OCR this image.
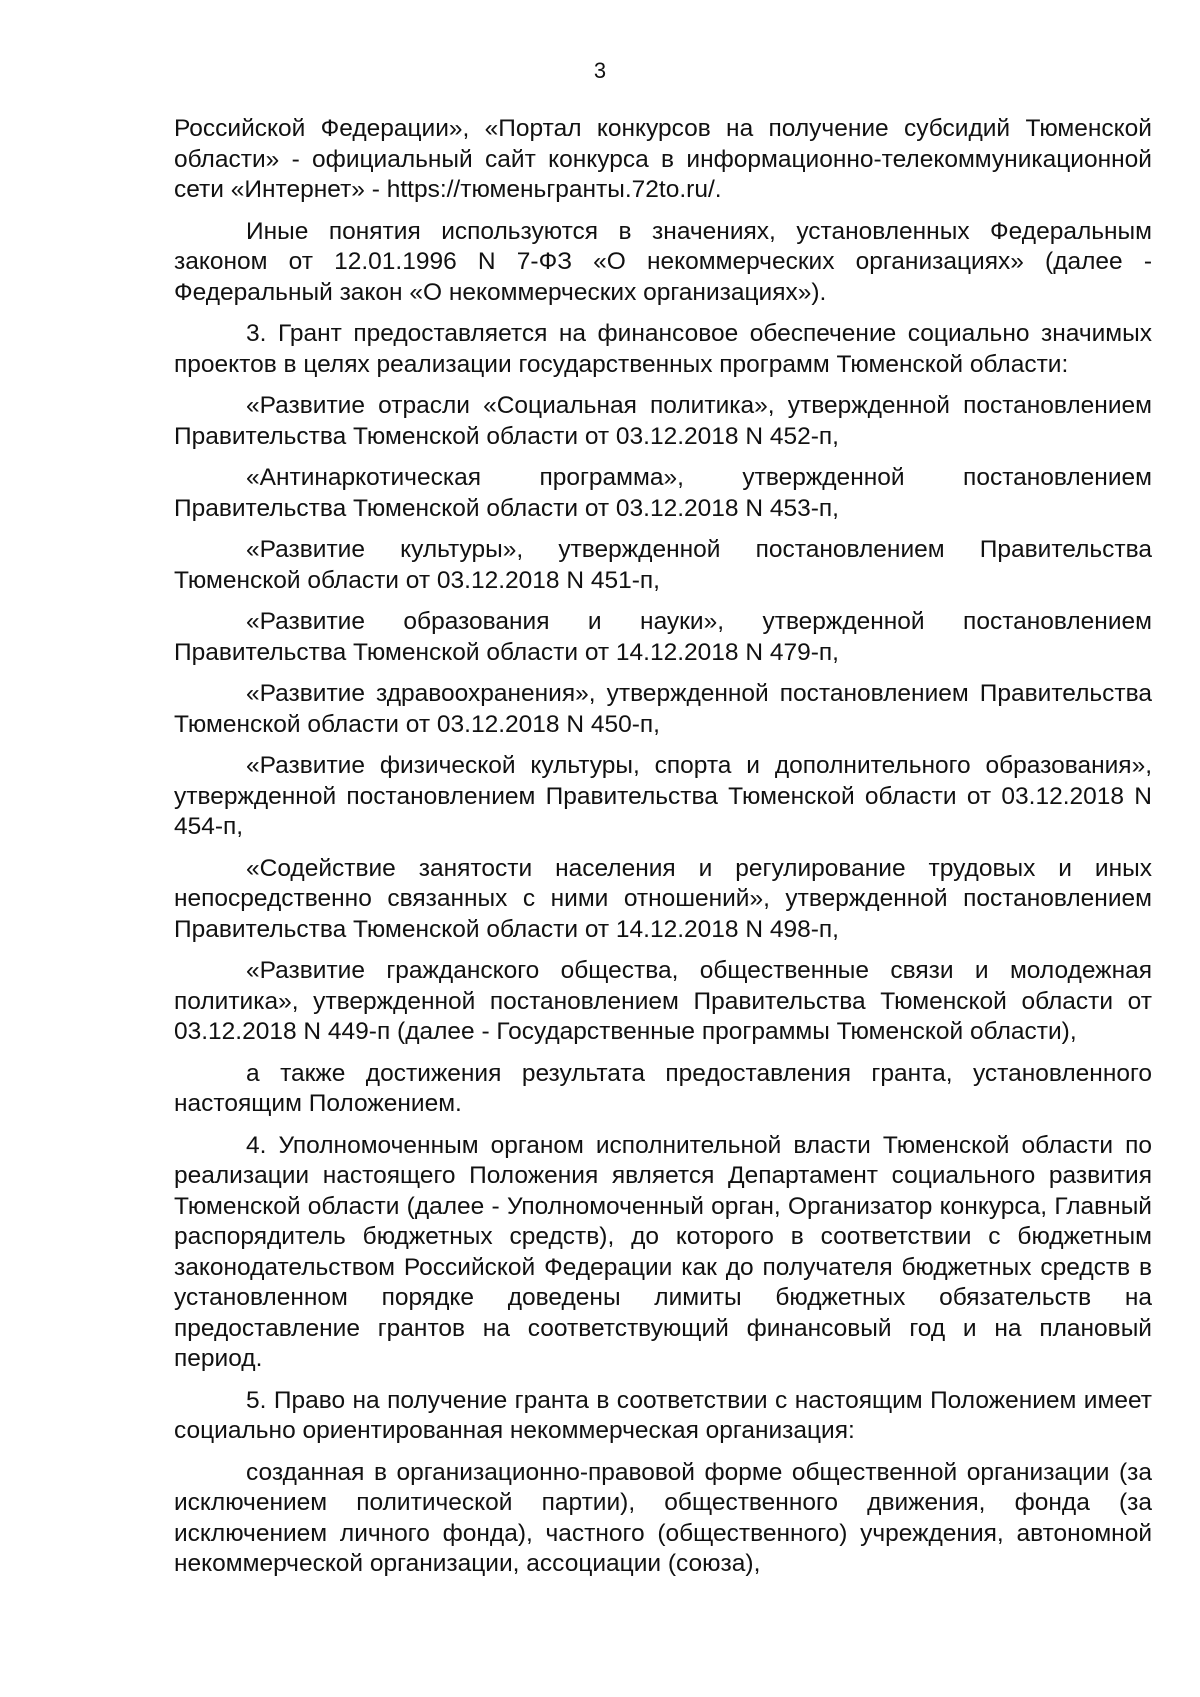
3

Российской Федерации», «Портал конкурсов на получение субсидий Тюменской области» - официальный сайт конкурса в информационно-телекоммуникационной сети «Интернет» - https://тюменьгранты.72to.ru/.

Иные понятия используются в значениях, установленных Федеральным законом от 12.01.1996 N 7-ФЗ «О некоммерческих организациях» (далее - Федеральный закон «О некоммерческих организациях»).

3. Грант предоставляется на финансовое обеспечение социально значимых проектов в целях реализации государственных программ Тюменской области:

«Развитие отрасли «Социальная политика», утвержденной постановлением Правительства Тюменской области от 03.12.2018 N 452-п,

«Антинаркотическая программа», утвержденной постановлением Правительства Тюменской области от 03.12.2018 N 453-п,

«Развитие культуры», утвержденной постановлением Правительства Тюменской области от 03.12.2018 N 451-п,

«Развитие образования и науки», утвержденной постановлением Правительства Тюменской области от 14.12.2018 N 479-п,

«Развитие здравоохранения», утвержденной постановлением Правительства Тюменской области от 03.12.2018 N 450-п,

«Развитие физической культуры, спорта и дополнительного образования», утвержденной постановлением Правительства Тюменской области от 03.12.2018 N 454-п,

«Содействие занятости населения и регулирование трудовых и иных непосредственно связанных с ними отношений», утвержденной постановлением Правительства Тюменской области от 14.12.2018 N 498-п,

«Развитие гражданского общества, общественные связи и молодежная политика», утвержденной постановлением Правительства Тюменской области от 03.12.2018 N 449-п (далее - Государственные программы Тюменской области),

а также достижения результата предоставления гранта, установленного настоящим Положением.

4. Уполномоченным органом исполнительной власти Тюменской области по реализации настоящего Положения является Департамент социального развития Тюменской области (далее - Уполномоченный орган, Организатор конкурса, Главный распорядитель бюджетных средств), до которого в соответствии с бюджетным законодательством Российской Федерации как до получателя бюджетных средств в установленном порядке доведены лимиты бюджетных обязательств на предоставление грантов на соответствующий финансовый год и на плановый период.

5. Право на получение гранта в соответствии с настоящим Положением имеет социально ориентированная некоммерческая организация:

созданная в организационно-правовой форме общественной организации (за исключением политической партии), общественного движения, фонда (за исключением личного фонда), частного (общественного) учреждения, автономной некоммерческой организации, ассоциации (союза),
